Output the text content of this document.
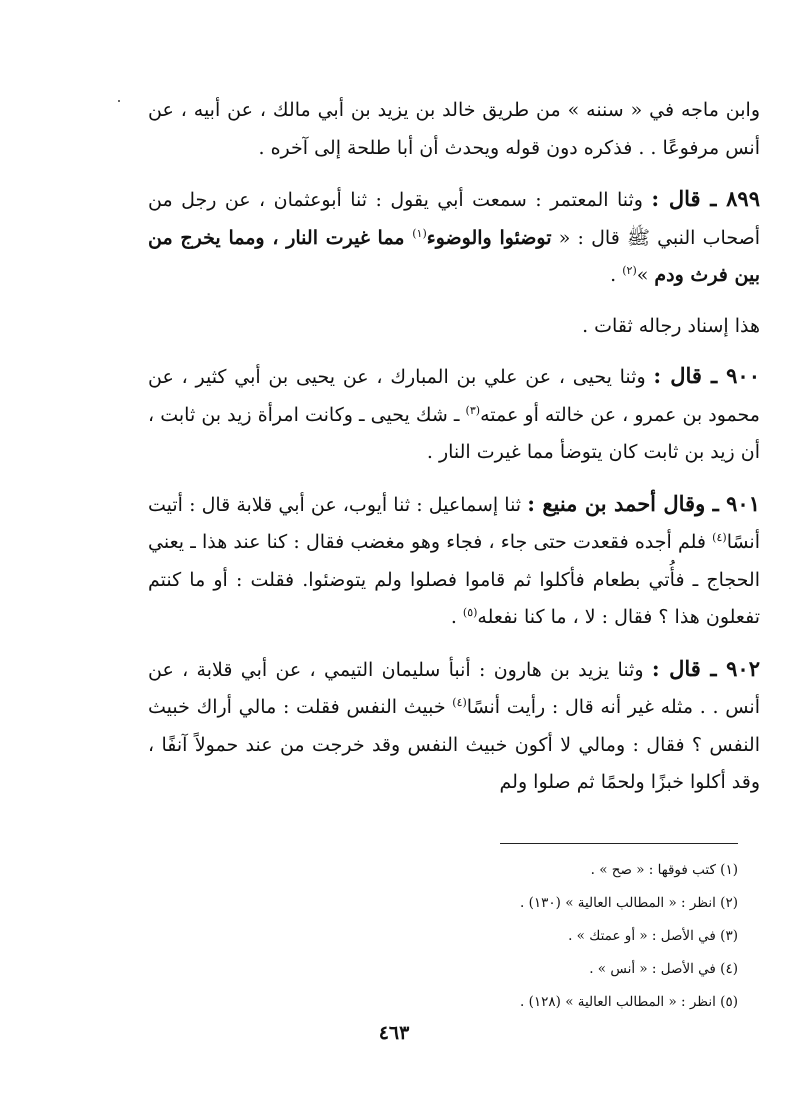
وابن ماجه في « سننه » من طريق خالد بن يزيد بن أبي مالك ، عن أبيه ، عن أنس مرفوعًا . . فذكره دون قوله ويحدث أن أبا طلحة إلى آخره .

٨٩٩ ـ قال : وثنا المعتمر : سمعت أبي يقول : ثنا أبوعثمان ، عن رجل من أصحاب النبي ﷺ قال : « توضئوا والوضوء$^{(١)}$ مما غيرت النار ، ومما يخرج من بين فرث ودم »$^{(٢)}$ .

هذا إسناد رجاله ثقات .

٩٠٠ ـ قال : وثنا يحيى ، عن علي بن المبارك ، عن يحيى بن أبي كثير ، عن محمود بن عمرو ، عن خالته أو عمته$^{(٣)}$ ـ شك يحيى ـ وكانت امرأة زيد بن ثابت ، أن زيد بن ثابت كان يتوضأ مما غيرت النار .

٩٠١ ـ وقال أحمد بن منيع : ثنا إسماعيل : ثنا أيوب، عن أبي قلابة قال : أتيت أنسًا$^{(٤)}$ فلم أجده فقعدت حتى جاء ، فجاء وهو مغضب فقال : كنا عند هذا ـ يعني الحجاج ـ فأُتي بطعام فأكلوا ثم قاموا فصلوا ولم يتوضئوا. فقلت : أو ما كنتم تفعلون هذا ؟ فقال : لا ، ما كنا نفعله$^{(٥)}$ .

٩٠٢ ـ قال : وثنا يزيد بن هارون : أنبأ سليمان التيمي ، عن أبي قلابة ، عن أنس . . مثله غير أنه قال : رأيت أنسًا$^{(٤)}$ خبيث النفس فقلت : مالي أراك خبيث النفس ؟ فقال : ومالي لا أكون خبيث النفس وقد خرجت من عند حمولاً آنفًا ، وقد أكلوا خبزًا ولحمًا ثم صلوا ولم

(١) كتب فوقها : « صح » .
(٢) انظر : « المطالب العالية » (١٣٠) .
(٣) في الأصل : « أو عمتك » .
(٤) في الأصل : « أنس » .
(٥) انظر : « المطالب العالية » (١٢٨) .
٤٦٣
